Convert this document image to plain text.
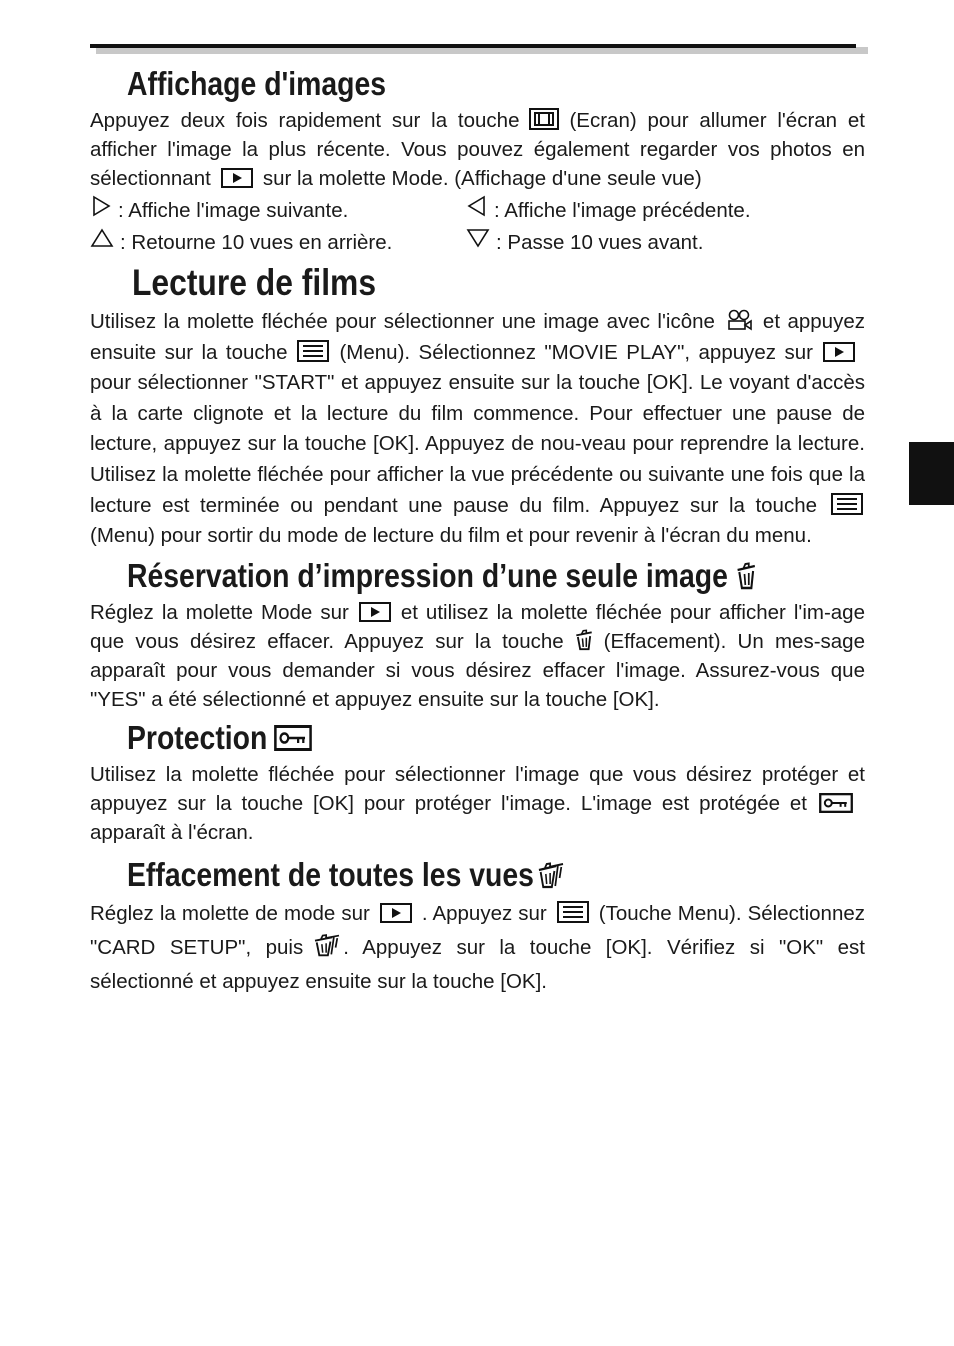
Affichage d'images

Appuyez deux fois rapidement sur la touche (Ecran) pour allumer l'écran et afficher l'image la plus récente. Vous pouvez également regarder vos photos en sélectionnant	sur la molette Mode. (Affichage d'une seule vue)

: Affiche l'image suivante.	: Affiche l'image précédente.
: Retourne 10 vues en arrière.	: Passe 10 vues avant.
Lecture de films

Utilisez la molette fléchée pour sélectionner une image avec l'icône et appuyez ensuite sur la touche	(Menu). Sélectionnez "MOVIE PLAY", appuyez sur
pour sélectionner "START" et appuyez ensuite sur la touche [OK]. Le voyant d'accès à la carte clignote et la lecture du film commence. Pour effectuer une pause de lecture, appuyez sur la touche [OK]. Appuyez de nou-veau pour reprendre la lecture. Utilisez la molette fléchée pour afficher la vue précédente ou suivante une fois que la lecture est terminée ou pendant une pause du film. Appuyez sur la touche
(Menu) pour sortir du mode de lecture du film et pour revenir à l'écran du menu.

Réservation d’impression d’une seule image

Réglez la molette Mode sur	et utilisez la molette fléchée pour afficher l'im-age que vous désirez effacer. Appuyez sur la touche (Effacement). Un mes-sage apparaît pour vous demander si vous désirez effacer l'image. Assurez-vous que "YES" a été sélectionné et appuyez ensuite sur la touche [OK].

Protection

Utilisez la molette fléchée pour sélectionner l'image que vous désirez protéger et appuyez sur la touche [OK] pour protéger l'image. L'image est protégée et
apparaît à l'écran.

Effacement de toutes les vues

Réglez la molette de mode sur	. Appuyez sur	(Touche Menu). Sélectionnez "CARD SETUP", puis . Appuyez sur la touche [OK]. Vérifiez si "OK" est sélectionné et appuyez ensuite sur la touche [OK].
